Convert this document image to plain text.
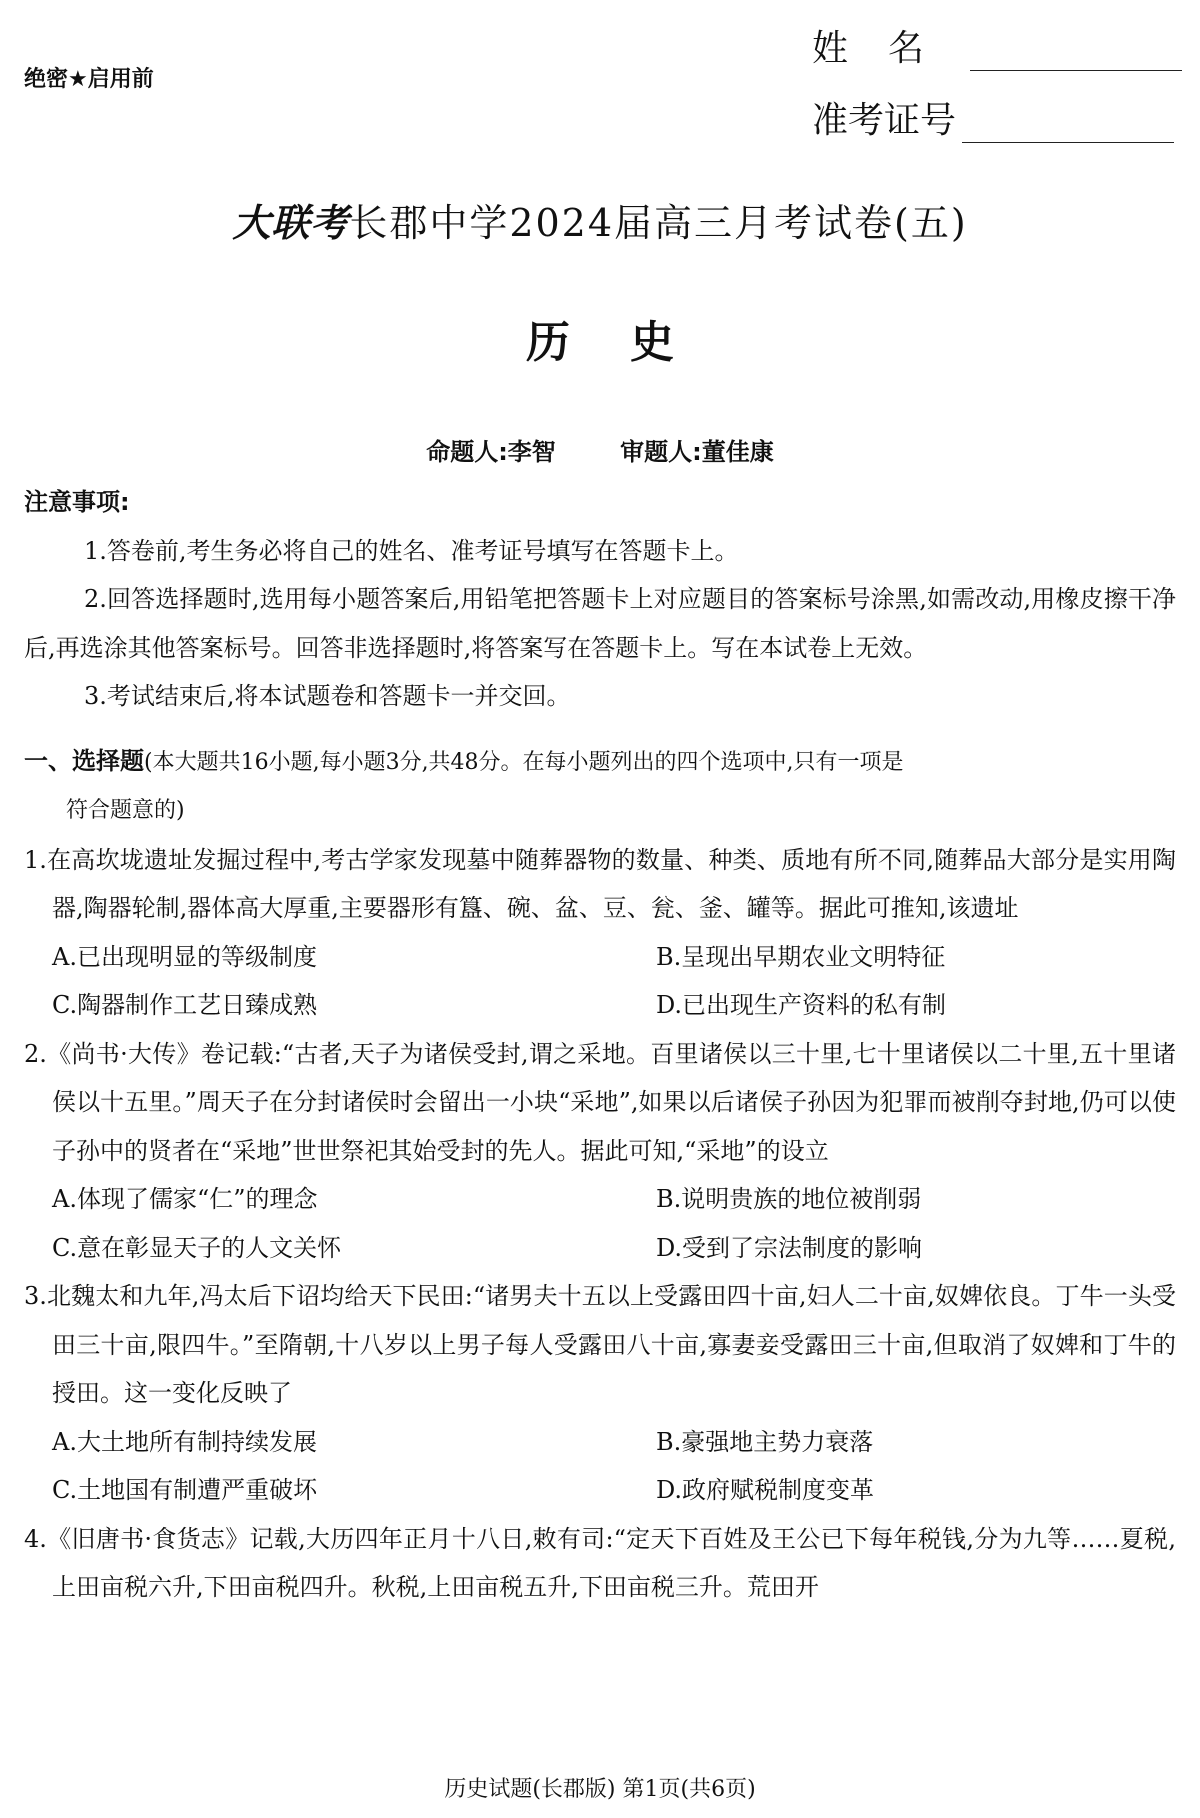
绝密★启用前
姓名
准考证号
大联考长郡中学2024届高三月考试卷(五)
历史
命题人:李智	审题人:董佳康
注意事项:

1.答卷前,考生务必将自己的姓名、准考证号填写在答题卡上。

2.回答选择题时,选用每小题答案后,用铅笔把答题卡上对应题目的答案标号涂黑,如需改动,用橡皮擦干净后,再选涂其他答案标号。回答非选择题时,将答案写在答题卡上。写在本试卷上无效。

3.考试结束后,将本试题卷和答题卡一并交回。

一、选择题(本大题共16小题,每小题3分,共48分。在每小题列出的四个选项中,只有一项是
符合题意的)

1.在高坎垅遗址发掘过程中,考古学家发现墓中随葬器物的数量、种类、质地有所不同,随葬品大部分是实用陶器,陶器轮制,器体高大厚重,主要器形有簋、碗、盆、豆、瓮、釜、罐等。据此可推知,该遗址

A.已出现明显的等级制度	B.呈现出早期农业文明特征
C.陶器制作工艺日臻成熟	D.已出现生产资料的私有制

2.《尚书·大传》卷记载:“古者,天子为诸侯受封,谓之采地。百里诸侯以三十里,七十里诸侯以二十里,五十里诸侯以十五里。”周天子在分封诸侯时会留出一小块“采地”,如果以后诸侯子孙因为犯罪而被削夺封地,仍可以使子孙中的贤者在“采地”世世祭祀其始受封的先人。据此可知,“采地”的设立

A.体现了儒家“仁”的理念	B.说明贵族的地位被削弱
C.意在彰显天子的人文关怀	D.受到了宗法制度的影响

3.北魏太和九年,冯太后下诏均给天下民田:“诸男夫十五以上受露田四十亩,妇人二十亩,奴婢依良。丁牛一头受田三十亩,限四牛。”至隋朝,十八岁以上男子每人受露田八十亩,寡妻妾受露田三十亩,但取消了奴婢和丁牛的授田。这一变化反映了

A.大土地所有制持续发展	B.豪强地主势力衰落
C.土地国有制遭严重破坏	D.政府赋税制度变革

4.《旧唐书·食货志》记载,大历四年正月十八日,敕有司:“定天下百姓及王公已下每年税钱,分为九等……夏税,上田亩税六升,下田亩税四升。秋税,上田亩税五升,下田亩税三升。荒田开

历史试题(长郡版) 第1页(共6页)
